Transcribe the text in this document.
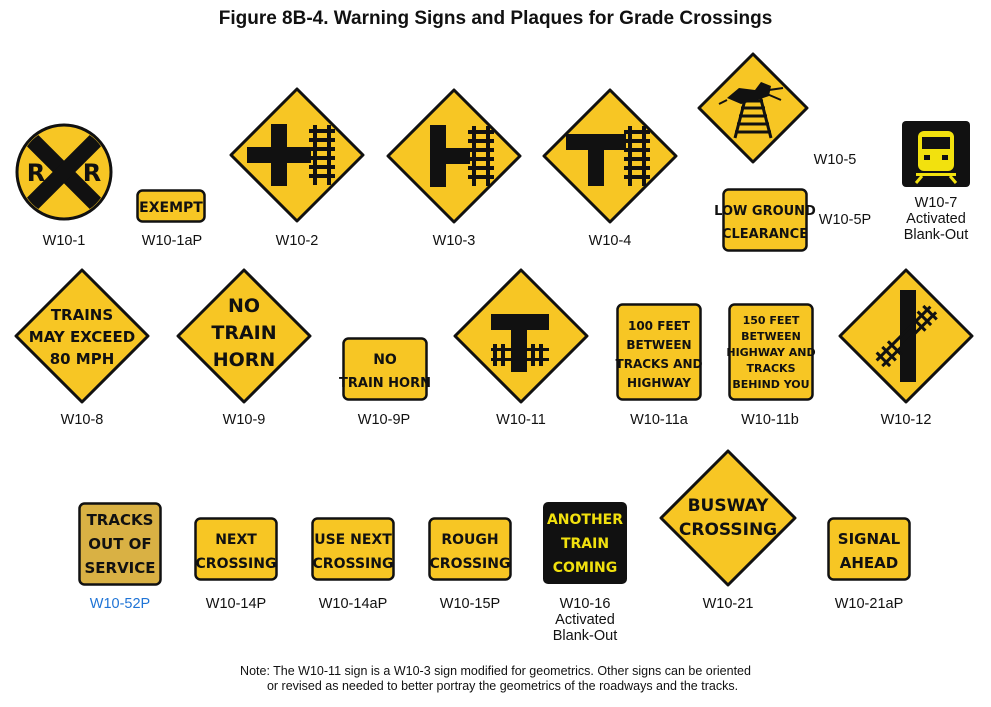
Figure 8B-4. Warning Signs and Plaques for Grade Crossings
R R
W10-1
EXEMPT
W10-1aP	W10-2	W10-3	W10-4
W10-5
LOW GROUND
CLEARANCE
W10-5P
W10-7
Activated
Blank-Out
TRAINS
MAY EXCEED
80 MPH
W10-8
NO
TRAIN
HORN
W10-9
NO
TRAIN HORN
W10-9P	W10-11
100 FEET
BETWEEN
TRACKS AND
HIGHWAY
W10-11a
150 FEET
BETWEEN
HIGHWAY AND
TRACKS
BEHIND YOU
W10-11b	W10-12
TRACKS
OUT OF
SERVICE
W10-52P
NEXT
CROSSING
W10-14P
USE NEXT
CROSSING
W10-14aP
ROUGH
CROSSING
W10-15P
ANOTHER
TRAIN
COMING
W10-16
Activated
Blank-Out
BUSWAY
CROSSING
W10-21
SIGNAL
AHEAD
W10-21aP
Note: The W10-11 sign is a W10-3 sign modified for geometrics. Other signs can be oriented
or revised as needed to better portray the geometrics of the roadways and the tracks.
